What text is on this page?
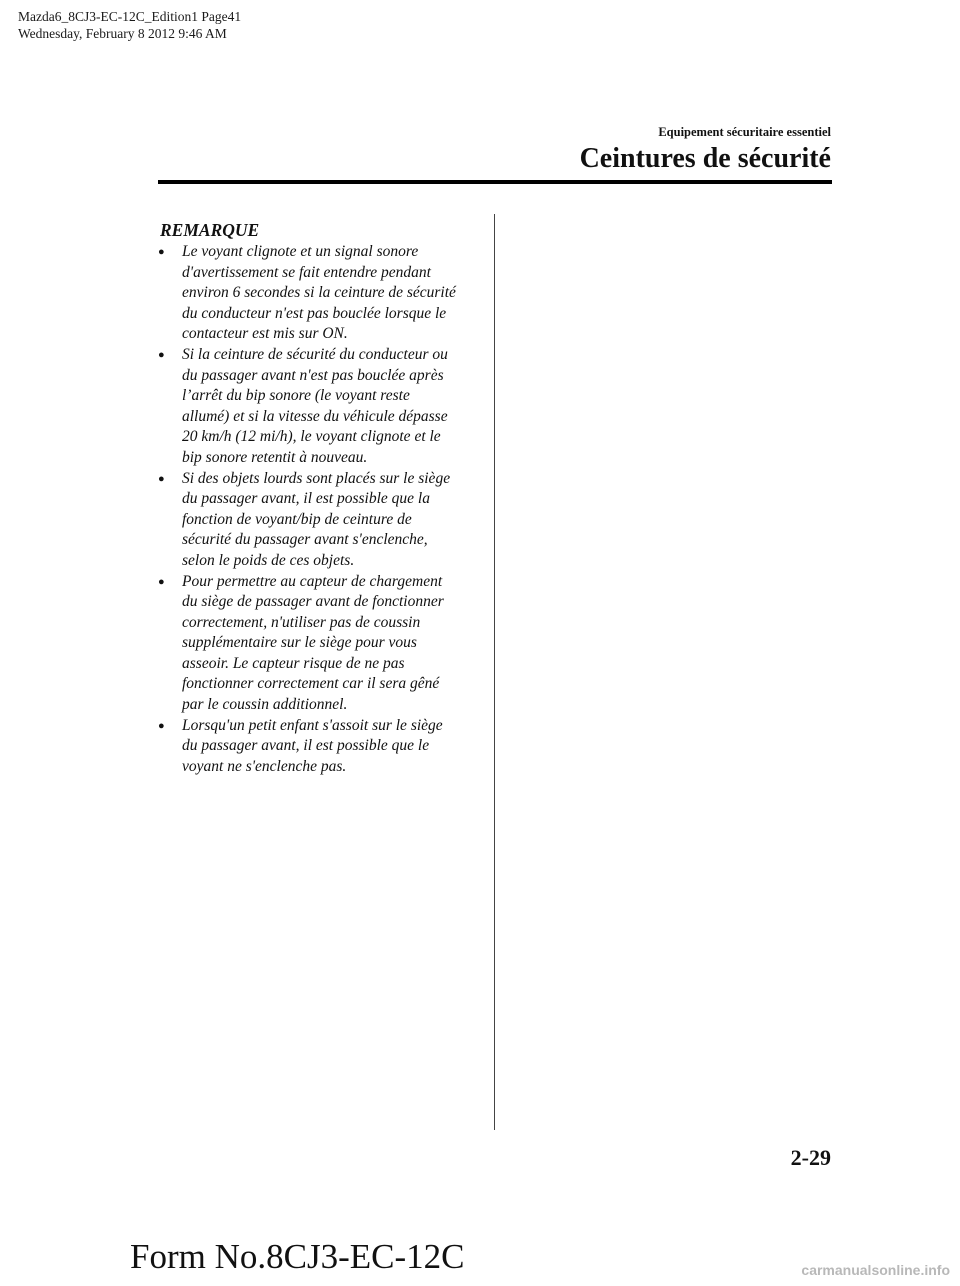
Mazda6_8CJ3-EC-12C_Edition1 Page41
Wednesday, February 8 2012 9:46 AM
Equipement sécuritaire essentiel
Ceintures de sécurité
REMARQUE
●	Le voyant clignote et un signal sonore
d'avertissement se fait entendre pendant
environ 6 secondes si la ceinture de sécurité
du conducteur n'est pas bouclée lorsque le
contacteur est mis sur ON.
●	Si la ceinture de sécurité du conducteur ou
du passager avant n'est pas bouclée après
l’arrêt du bip sonore (le voyant reste
allumé) et si la vitesse du véhicule dépasse
20 km/h (12 mi/h), le voyant clignote et le
bip sonore retentit à nouveau.
●	Si des objets lourds sont placés sur le siège
du passager avant, il est possible que la
fonction de voyant/bip de ceinture de
sécurité du passager avant s'enclenche,
selon le poids de ces objets.
●	Pour permettre au capteur de chargement
du siège de passager avant de fonctionner
correctement, n'utiliser pas de coussin
supplémentaire sur le siège pour vous
asseoir. Le capteur risque de ne pas
fonctionner correctement car il sera gêné
par le coussin additionnel.
●	Lorsqu'un petit enfant s'assoit sur le siège
du passager avant, il est possible que le
voyant ne s'enclenche pas.
2-29
Form No.8CJ3-EC-12C	carmanualsonline.info
